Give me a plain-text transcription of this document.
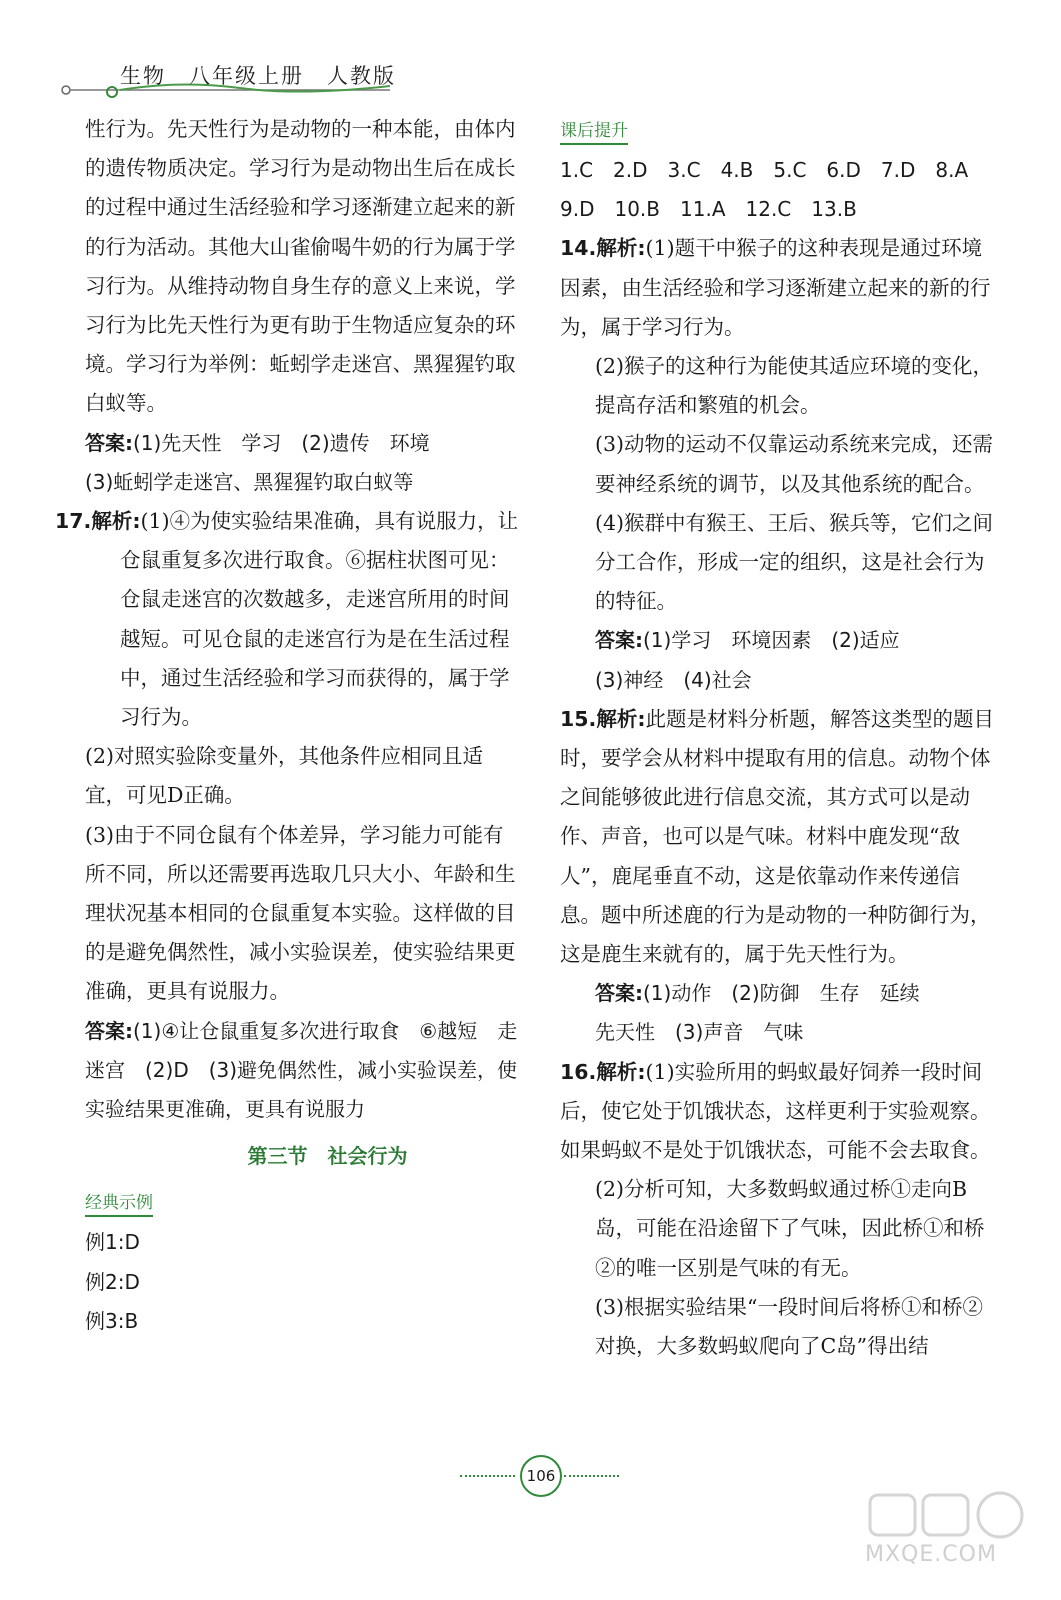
生物　八年级上册　人教版

性行为。先天性行为是动物的一种本能，由体内的遗传物质决定。学习行为是动物出生后在成长的过程中通过生活经验和学习逐渐建立起来的新的行为活动。其他大山雀偷喝牛奶的行为属于学习行为。从维持动物自身生存的意义上来说，学习行为比先天性行为更有助于生物适应复杂的环境。学习行为举例：蚯蚓学走迷宫、黑猩猩钓取白蚁等。

答案:(1)先天性　学习　(2)遗传　环境

(3)蚯蚓学走迷宫、黑猩猩钓取白蚁等

17.解析:(1)④为使实验结果准确，具有说服力，让仓鼠重复多次进行取食。⑥据柱状图可见：仓鼠走迷宫的次数越多，走迷宫所用的时间越短。可见仓鼠的走迷宫行为是在生活过程中，通过生活经验和学习而获得的，属于学习行为。

(2)对照实验除变量外，其他条件应相同且适宜，可见D正确。

(3)由于不同仓鼠有个体差异，学习能力可能有所不同，所以还需要再选取几只大小、年龄和生理状况基本相同的仓鼠重复本实验。这样做的目的是避免偶然性，减小实验误差，使实验结果更准确，更具有说服力。

答案:(1)④让仓鼠重复多次进行取食　⑥越短　走迷宫　(2)D　(3)避免偶然性，减小实验误差，使实验结果更准确，更具有说服力

第三节　社会行为
经典示例

例1:D

例2:D

例3:B

课后提升

1.C　2.D　3.C　4.B　5.C　6.D　7.D　8.A

9.D　10.B　11.A　12.C　13.B

14.解析:(1)题干中猴子的这种表现是通过环境因素，由生活经验和学习逐渐建立起来的新的行为，属于学习行为。

(2)猴子的这种行为能使其适应环境的变化，提高存活和繁殖的机会。

(3)动物的运动不仅靠运动系统来完成，还需要神经系统的调节，以及其他系统的配合。

(4)猴群中有猴王、王后、猴兵等，它们之间分工合作，形成一定的组织，这是社会行为的特征。

答案:(1)学习　环境因素　(2)适应

(3)神经　(4)社会

15.解析:此题是材料分析题，解答这类型的题目时，要学会从材料中提取有用的信息。动物个体之间能够彼此进行信息交流，其方式可以是动作、声音，也可以是气味。材料中鹿发现“敌人”，鹿尾垂直不动，这是依靠动作来传递信息。题中所述鹿的行为是动物的一种防御行为，这是鹿生来就有的，属于先天性行为。

答案:(1)动作　(2)防御　生存　延续

先天性　(3)声音　气味

16.解析:(1)实验所用的蚂蚁最好饲养一段时间后，使它处于饥饿状态，这样更利于实验观察。如果蚂蚁不是处于饥饿状态，可能不会去取食。

(2)分析可知，大多数蚂蚁通过桥①走向B岛，可能在沿途留下了气味，因此桥①和桥②的唯一区别是气味的有无。

(3)根据实验结果“一段时间后将桥①和桥②对换，大多数蚂蚁爬向了C岛”得出结

106
MXQE.COM
